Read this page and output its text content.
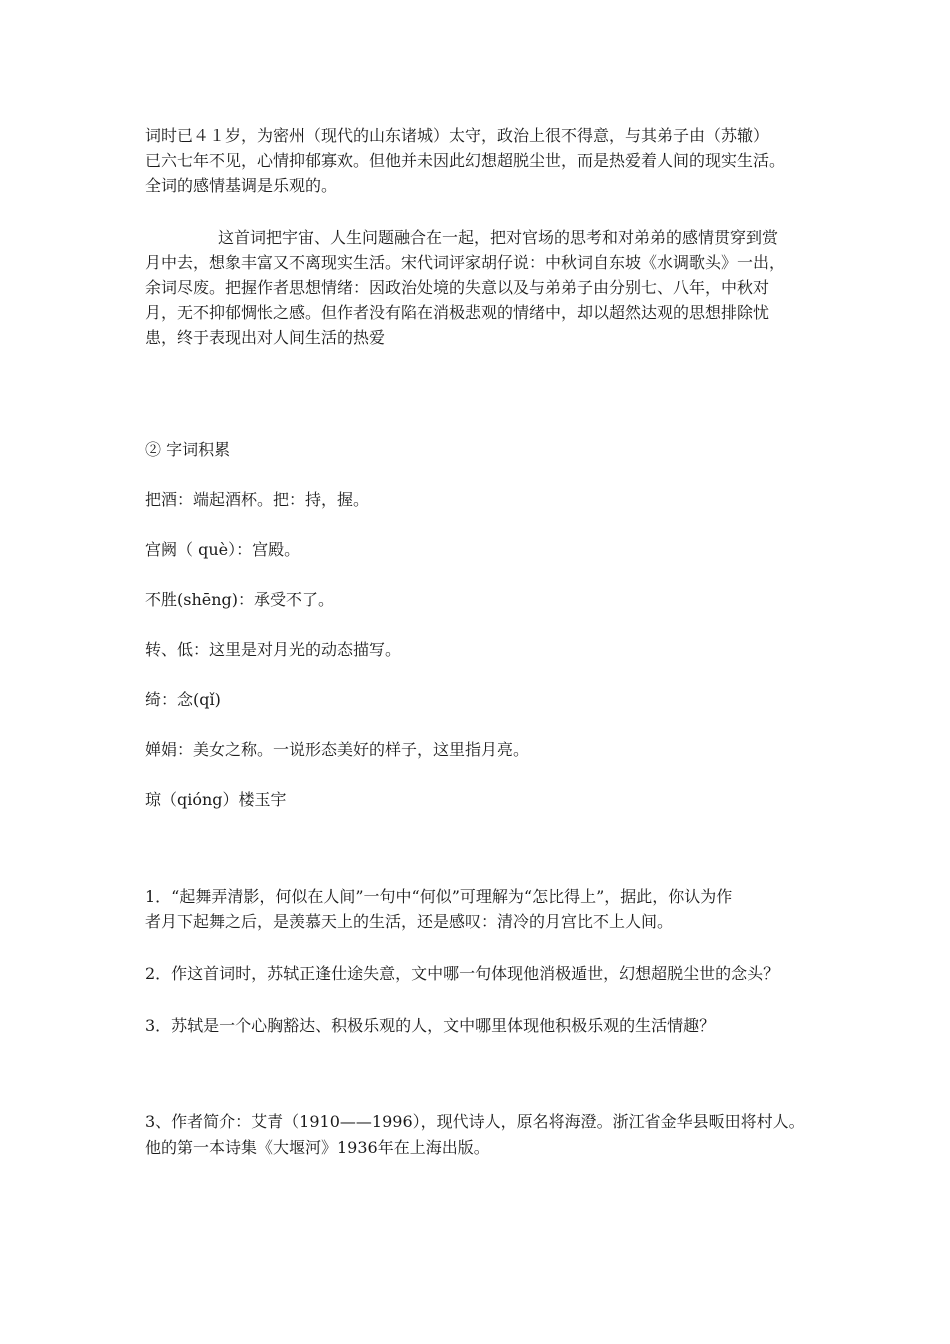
词时已４１岁，为密州（现代的山东诸城）太守，政治上很不得意，与其弟子由（苏辙）

已六七年不见，心情抑郁寡欢。但他并未因此幻想超脱尘世，而是热爱着人间的现实生活。

全词的感情基调是乐观的。

这首词把宇宙、人生问题融合在一起，把对官场的思考和对弟弟的感情贯穿到赏

月中去，想象丰富又不离现实生活。宋代词评家胡仔说：中秋词自东坡《水调歌头》一出，

余词尽废。把握作者思想情绪：因政治处境的失意以及与弟弟子由分别七、八年，中秋对

月，无不抑郁惆怅之感。但作者没有陷在消极悲观的情绪中，却以超然达观的思想排除忧

患，终于表现出对人间生活的热爱

② 字词积累

把酒：端起酒杯。把：持，握。

宫阙（ què）：宫殿。

不胜(shēng)：承受不了。

转、低：这里是对月光的动态描写。

绮：念(qǐ)

婵娟：美女之称。一说形态美好的样子，这里指月亮。

琼（qióng）楼玉宇

1．“起舞弄清影，何似在人间”一句中“何似”可理解为“怎比得上”，据此，你认为作

者月下起舞之后，是羡慕天上的生活，还是感叹：清冷的月宫比不上人间。

2．作这首词时，苏轼正逢仕途失意，文中哪一句体现他消极遁世，幻想超脱尘世的念头？

3．苏轼是一个心胸豁达、积极乐观的人，文中哪里体现他积极乐观的生活情趣？

3、作者简介：艾青（1910——1996），现代诗人，原名将海澄。浙江省金华县畈田将村人。

他的第一本诗集《大堰河》1936年在上海出版。
